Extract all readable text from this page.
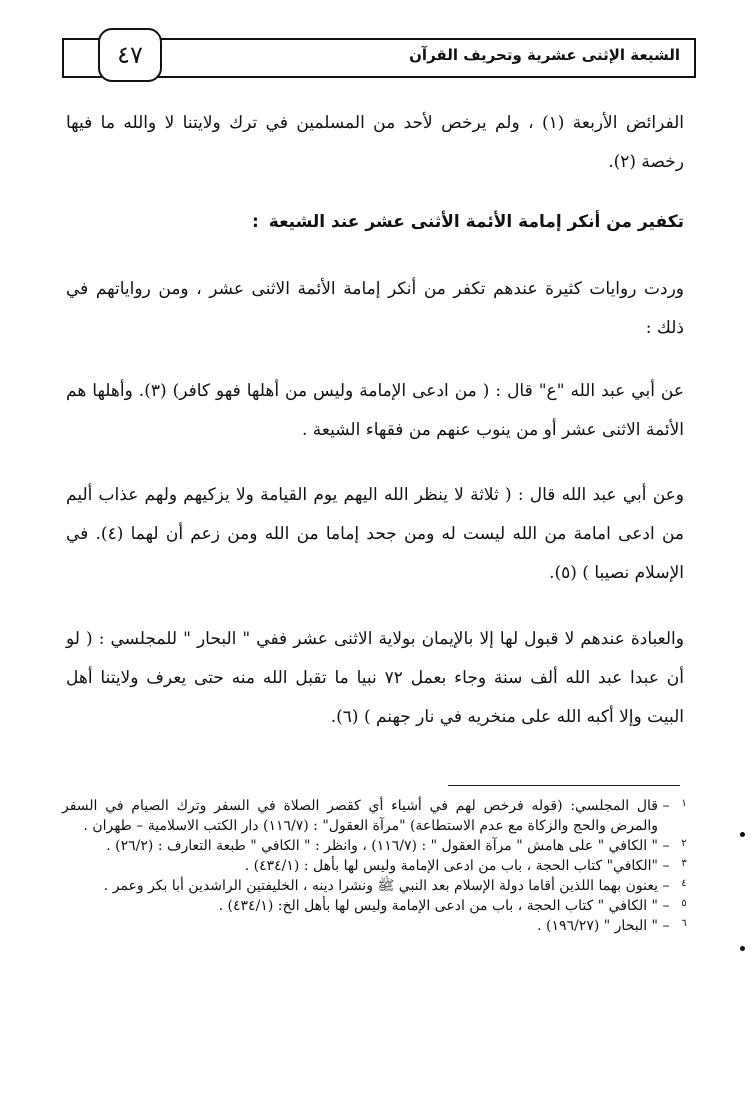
الشيعة الإثنى عشرية وتحريف القرآن
٤٧
الفرائض الأربعة (١) ، ولم يرخص لأحد من المسلمين في ترك ولايتنا لا والله ما فيها رخصة (٢).
تكفير من أنكر إمامة الأئمة الأثنى عشر عند الشيعة:
وردت روايات كثيرة عندهم تكفر من أنكر إمامة الأئمة الاثنى عشر ، ومن رواياتهم في ذلك :
عن أبي عبد الله "ع" قال : ( من ادعى الإمامة وليس من أهلها فهو كافر) (٣). وأهلها هم الأئمة الاثنى عشر أو من ينوب عنهم من فقهاء الشيعة .
وعن أبي عبد الله قال : ( ثلاثة لا ينظر الله اليهم يوم القيامة ولا يزكيهم ولهم عذاب أليم من ادعى امامة من الله ليست له ومن جحد إماما من الله ومن زعم أن لهما (٤). في الإسلام نصيبا ) (٥).
والعبادة عندهم لا قبول لها إلا بالإيمان بولاية الاثنى عشر ففي " البحار " للمجلسي : ( لو أن عبدا عبد الله ألف سنة وجاء بعمل ٧٢ نبيا ما تقبل الله منه حتى يعرف ولايتنا أهل البيت وإلا أكبه الله على منخريه في نار جهنم ) (٦).
١
–
قال المجلسي: (قوله فرخص لهم في أشياء أي كقصر الصلاة في السفر وترك الصيام في السفر والمرض والحج والزكاة مع عدم الاستطاعة) "مرآة العقول" : (١١٦/٧) دار الكتب الاسلامية – طهران .
٢
–
" الكافي " على هامش " مرآة العقول " : (١١٦/٧) ، وانظر : " الكافي " طبعة التعارف : (٢٦/٢) .
٣
–
"الكافي" كتاب الحجة ، باب من ادعى الإمامة وليس لها بأهل : (٤٣٤/١) .
٤
–
يعنون بهما اللذين أقاما دولة الإسلام بعد النبي ﷺ ونشرا دينه ، الخليفتين الراشدين أبا بكر وعمر .
٥
–
" الكافي " كتاب الحجة ، باب من ادعى الإمامة وليس لها بأهل الخ: (٤٣٤/١) .
٦
–
" البحار " (١٩٦/٢٧) .
